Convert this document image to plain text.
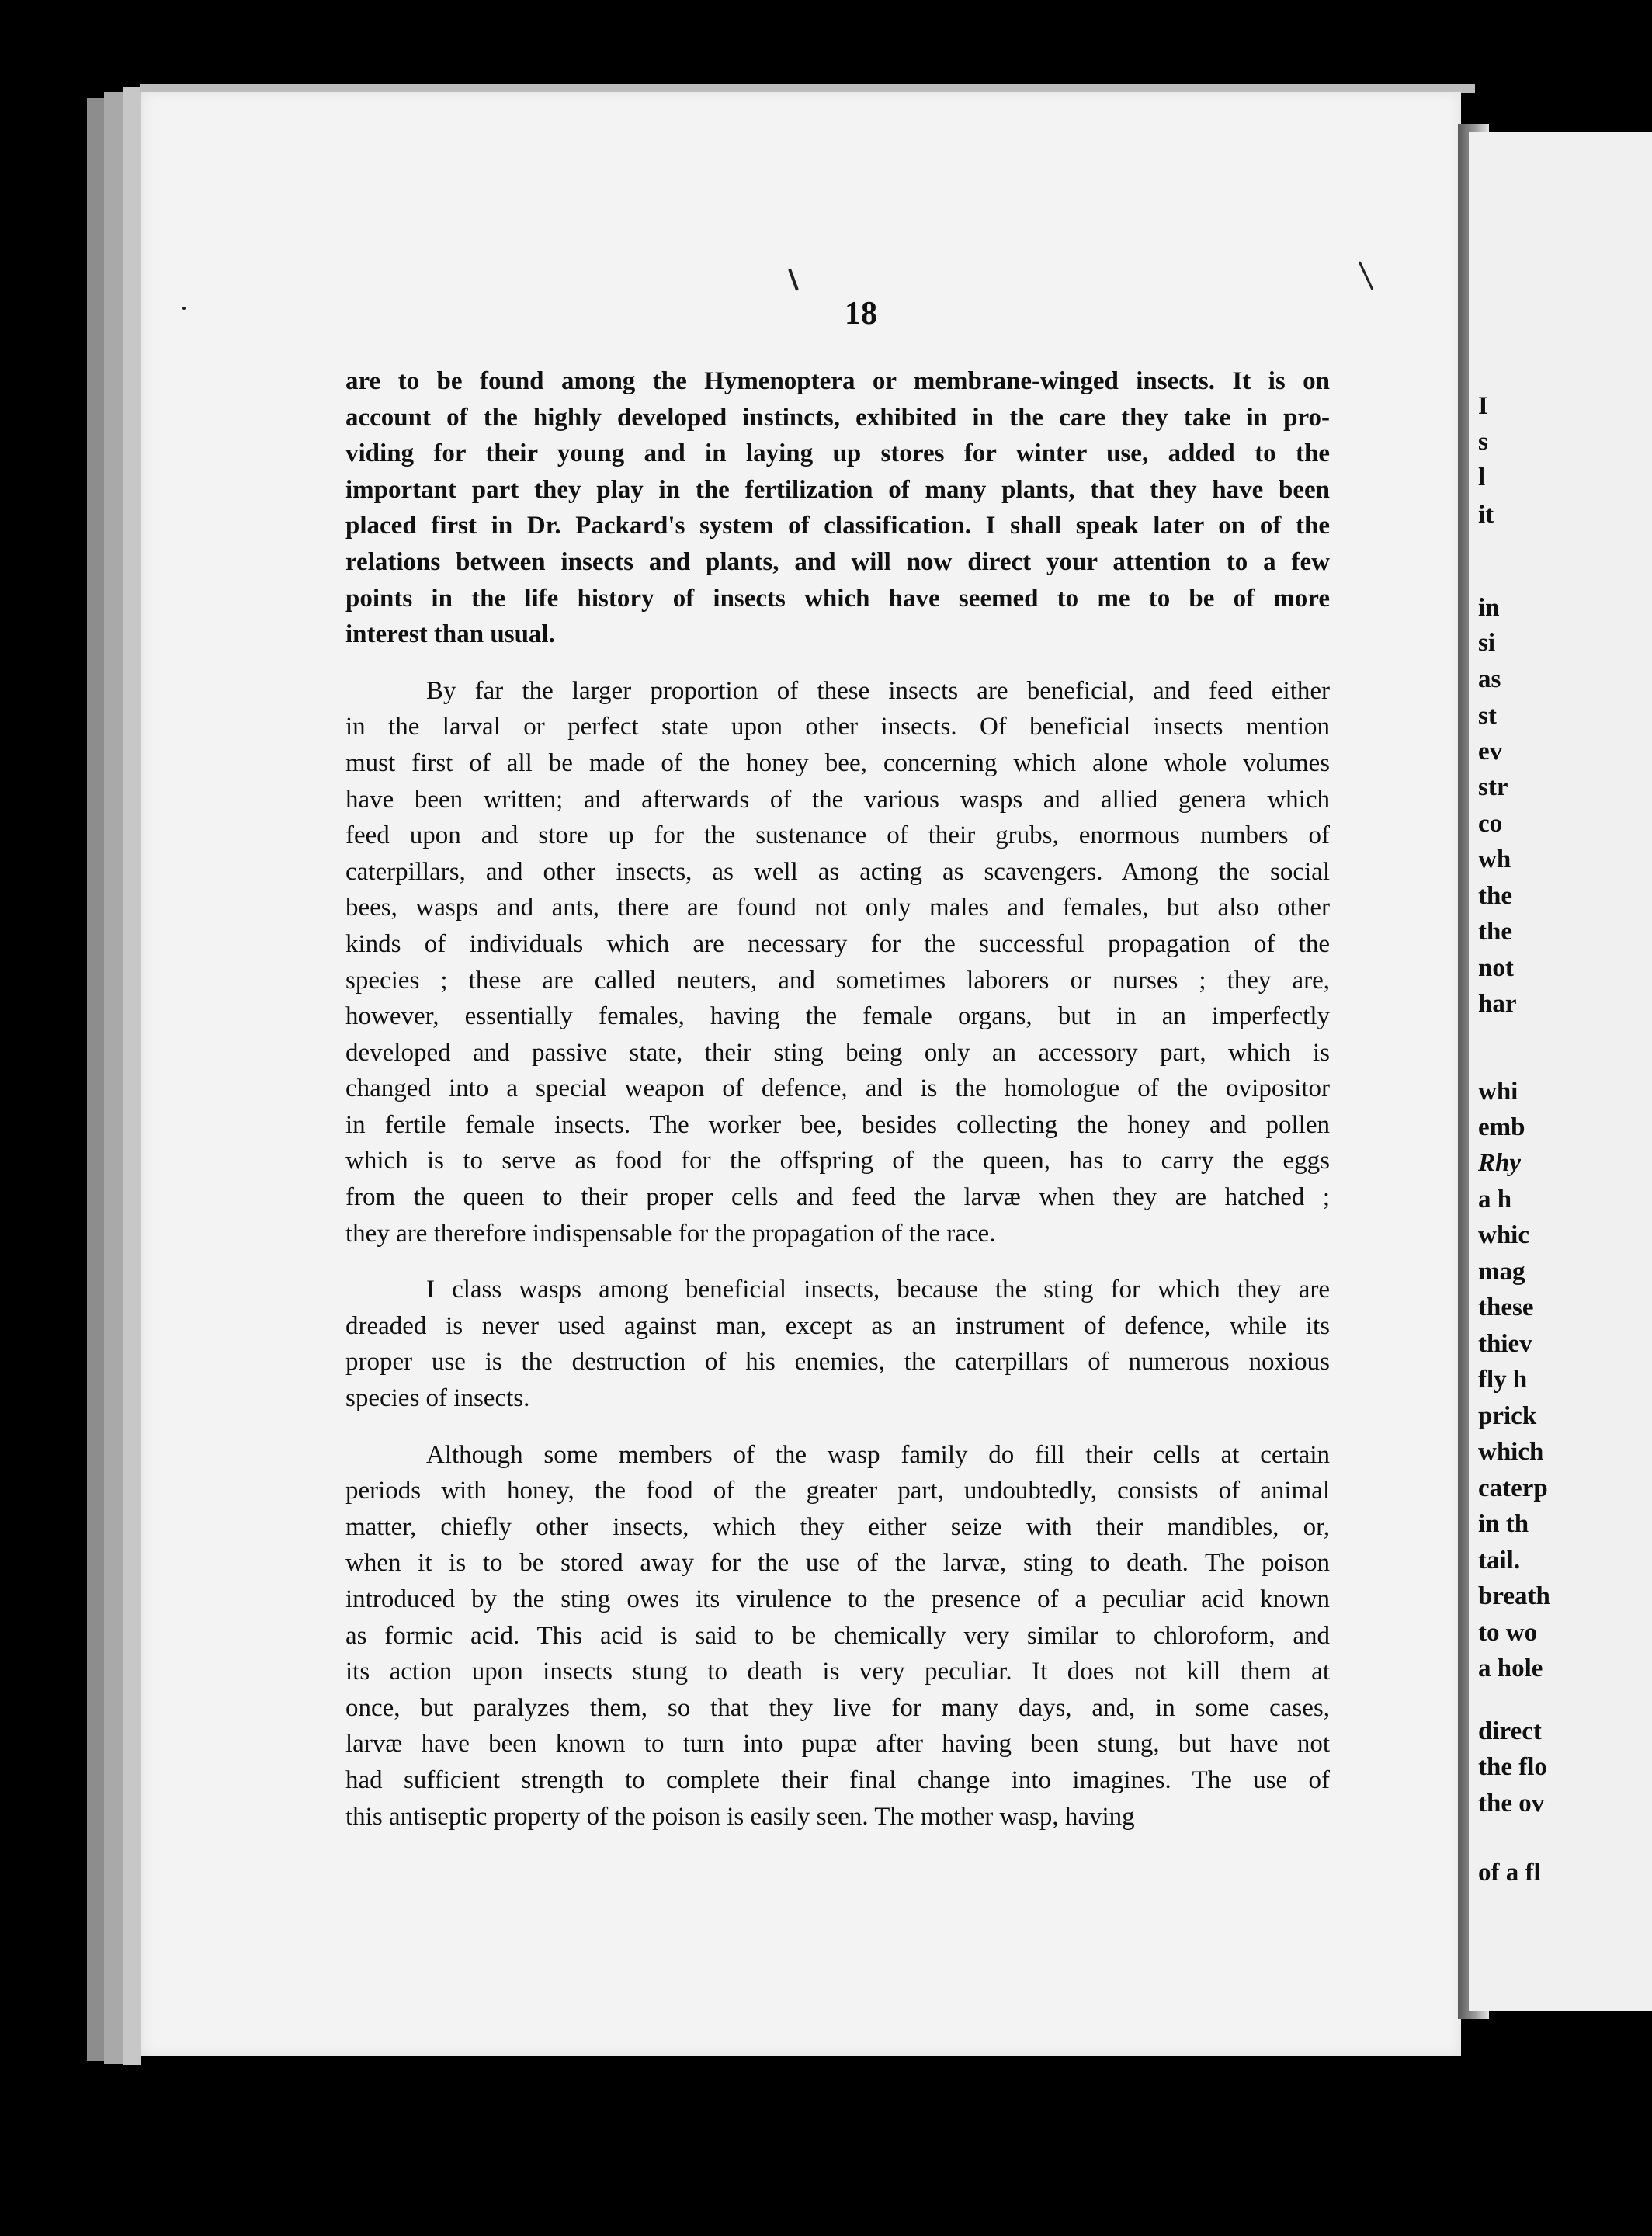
18
are to be found among the Hymenoptera or membrane-winged insects. It is on
account of the highly developed instincts, exhibited in the care they take in pro-
viding for their young and in laying up stores for winter use, added to the
important part they play in the fertilization of many plants, that they have been
placed first in Dr. Packard's system of classification. I shall speak later on of the
relations between insects and plants, and will now direct your attention to a few
points in the life history of insects which have seemed to me to be of more
interest than usual.
By far the larger proportion of these insects are beneficial, and feed either
in the larval or perfect state upon other insects. Of beneficial insects mention
must first of all be made of the honey bee, concerning which alone whole volumes
have been written; and afterwards of the various wasps and allied genera which
feed upon and store up for the sustenance of their grubs, enormous numbers of
caterpillars, and other insects, as well as acting as scavengers. Among the social
bees, wasps and ants, there are found not only males and females, but also other
kinds of individuals which are necessary for the successful propagation of the
species ; these are called neuters, and sometimes laborers or nurses ; they are,
however, essentially females, having the female organs, but in an imperfectly
developed and passive state, their sting being only an accessory part, which is
changed into a special weapon of defence, and is the homologue of the ovipositor
in fertile female insects. The worker bee, besides collecting the honey and pollen
which is to serve as food for the offspring of the queen, has to carry the eggs
from the queen to their proper cells and feed the larvæ when they are hatched ;
they are therefore indispensable for the propagation of the race.
I class wasps among beneficial insects, because the sting for which they are
dreaded is never used against man, except as an instrument of defence, while its
proper use is the destruction of his enemies, the caterpillars of numerous noxious
species of insects.
Although some members of the wasp family do fill their cells at certain
periods with honey, the food of the greater part, undoubtedly, consists of animal
matter, chiefly other insects, which they either seize with their mandibles, or,
when it is to be stored away for the use of the larvæ, sting to death. The poison
introduced by the sting owes its virulence to the presence of a peculiar acid known
as formic acid. This acid is said to be chemically very similar to chloroform, and
its action upon insects stung to death is very peculiar. It does not kill them at
once, but paralyzes them, so that they live for many days, and, in some cases,
larvæ have been known to turn into pupæ after having been stung, but have not
had sufficient strength to complete their final change into imagines. The use of
this antiseptic property of the poison is easily seen. The mother wasp, having
I
s
l
it
in
si
as
st
ev
str
co
wh
the
the
not
har
whi
emb
Rhy
a h
whic
mag
these
thiev
fly h
prick
which
caterp
in th
tail.
breath
to wo
a hole
direct
the flo
the ov
of a fl
